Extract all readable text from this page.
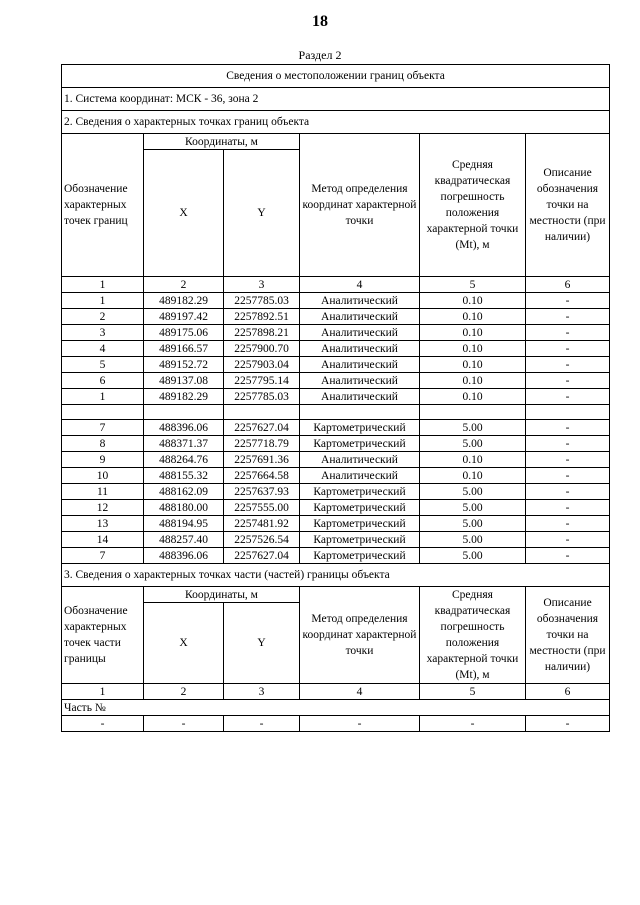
18
Раздел 2
Сведения о местоположении границ объекта					
1. Система координат: МСК - 36, зона 2					
2. Сведения о характерных точках границ объекта					
Обозначение характерных точек границ	Координаты, м		Метод определения координат характерной точки	Средняя квадратическая погрешность положения характерной точки (Mt), м	Описание обозначения точки на местности (при наличии)
	X	Y			
1	2	3	4	5	6
1	489182.29	2257785.03	Аналитический	0.10	-
2	489197.42	2257892.51	Аналитический	0.10	-
3	489175.06	2257898.21	Аналитический	0.10	-
4	489166.57	2257900.70	Аналитический	0.10	-
5	489152.72	2257903.04	Аналитический	0.10	-
6	489137.08	2257795.14	Аналитический	0.10	-
1	489182.29	2257785.03	Аналитический	0.10	-

7	488396.06	2257627.04	Картометрический	5.00	-
8	488371.37	2257718.79	Картометрический	5.00	-
9	488264.76	2257691.36	Аналитический	0.10	-
10	488155.32	2257664.58	Аналитический	0.10	-
11	488162.09	2257637.93	Картометрический	5.00	-
12	488180.00	2257555.00	Картометрический	5.00	-
13	488194.95	2257481.92	Картометрический	5.00	-
14	488257.40	2257526.54	Картометрический	5.00	-
7	488396.06	2257627.04	Картометрический	5.00	-
3. Сведения о характерных точках части (частей) границы объекта					
Обозначение характерных точек части границы	Координаты, м		Метод определения координат характерной точки	Средняя квадратическая погрешность положения характерной точки (Mt), м	Описание обозначения точки на местности (при наличии)
	X	Y			
1	2	3	4	5	6
Часть №					
-	-	-	-	-	-
